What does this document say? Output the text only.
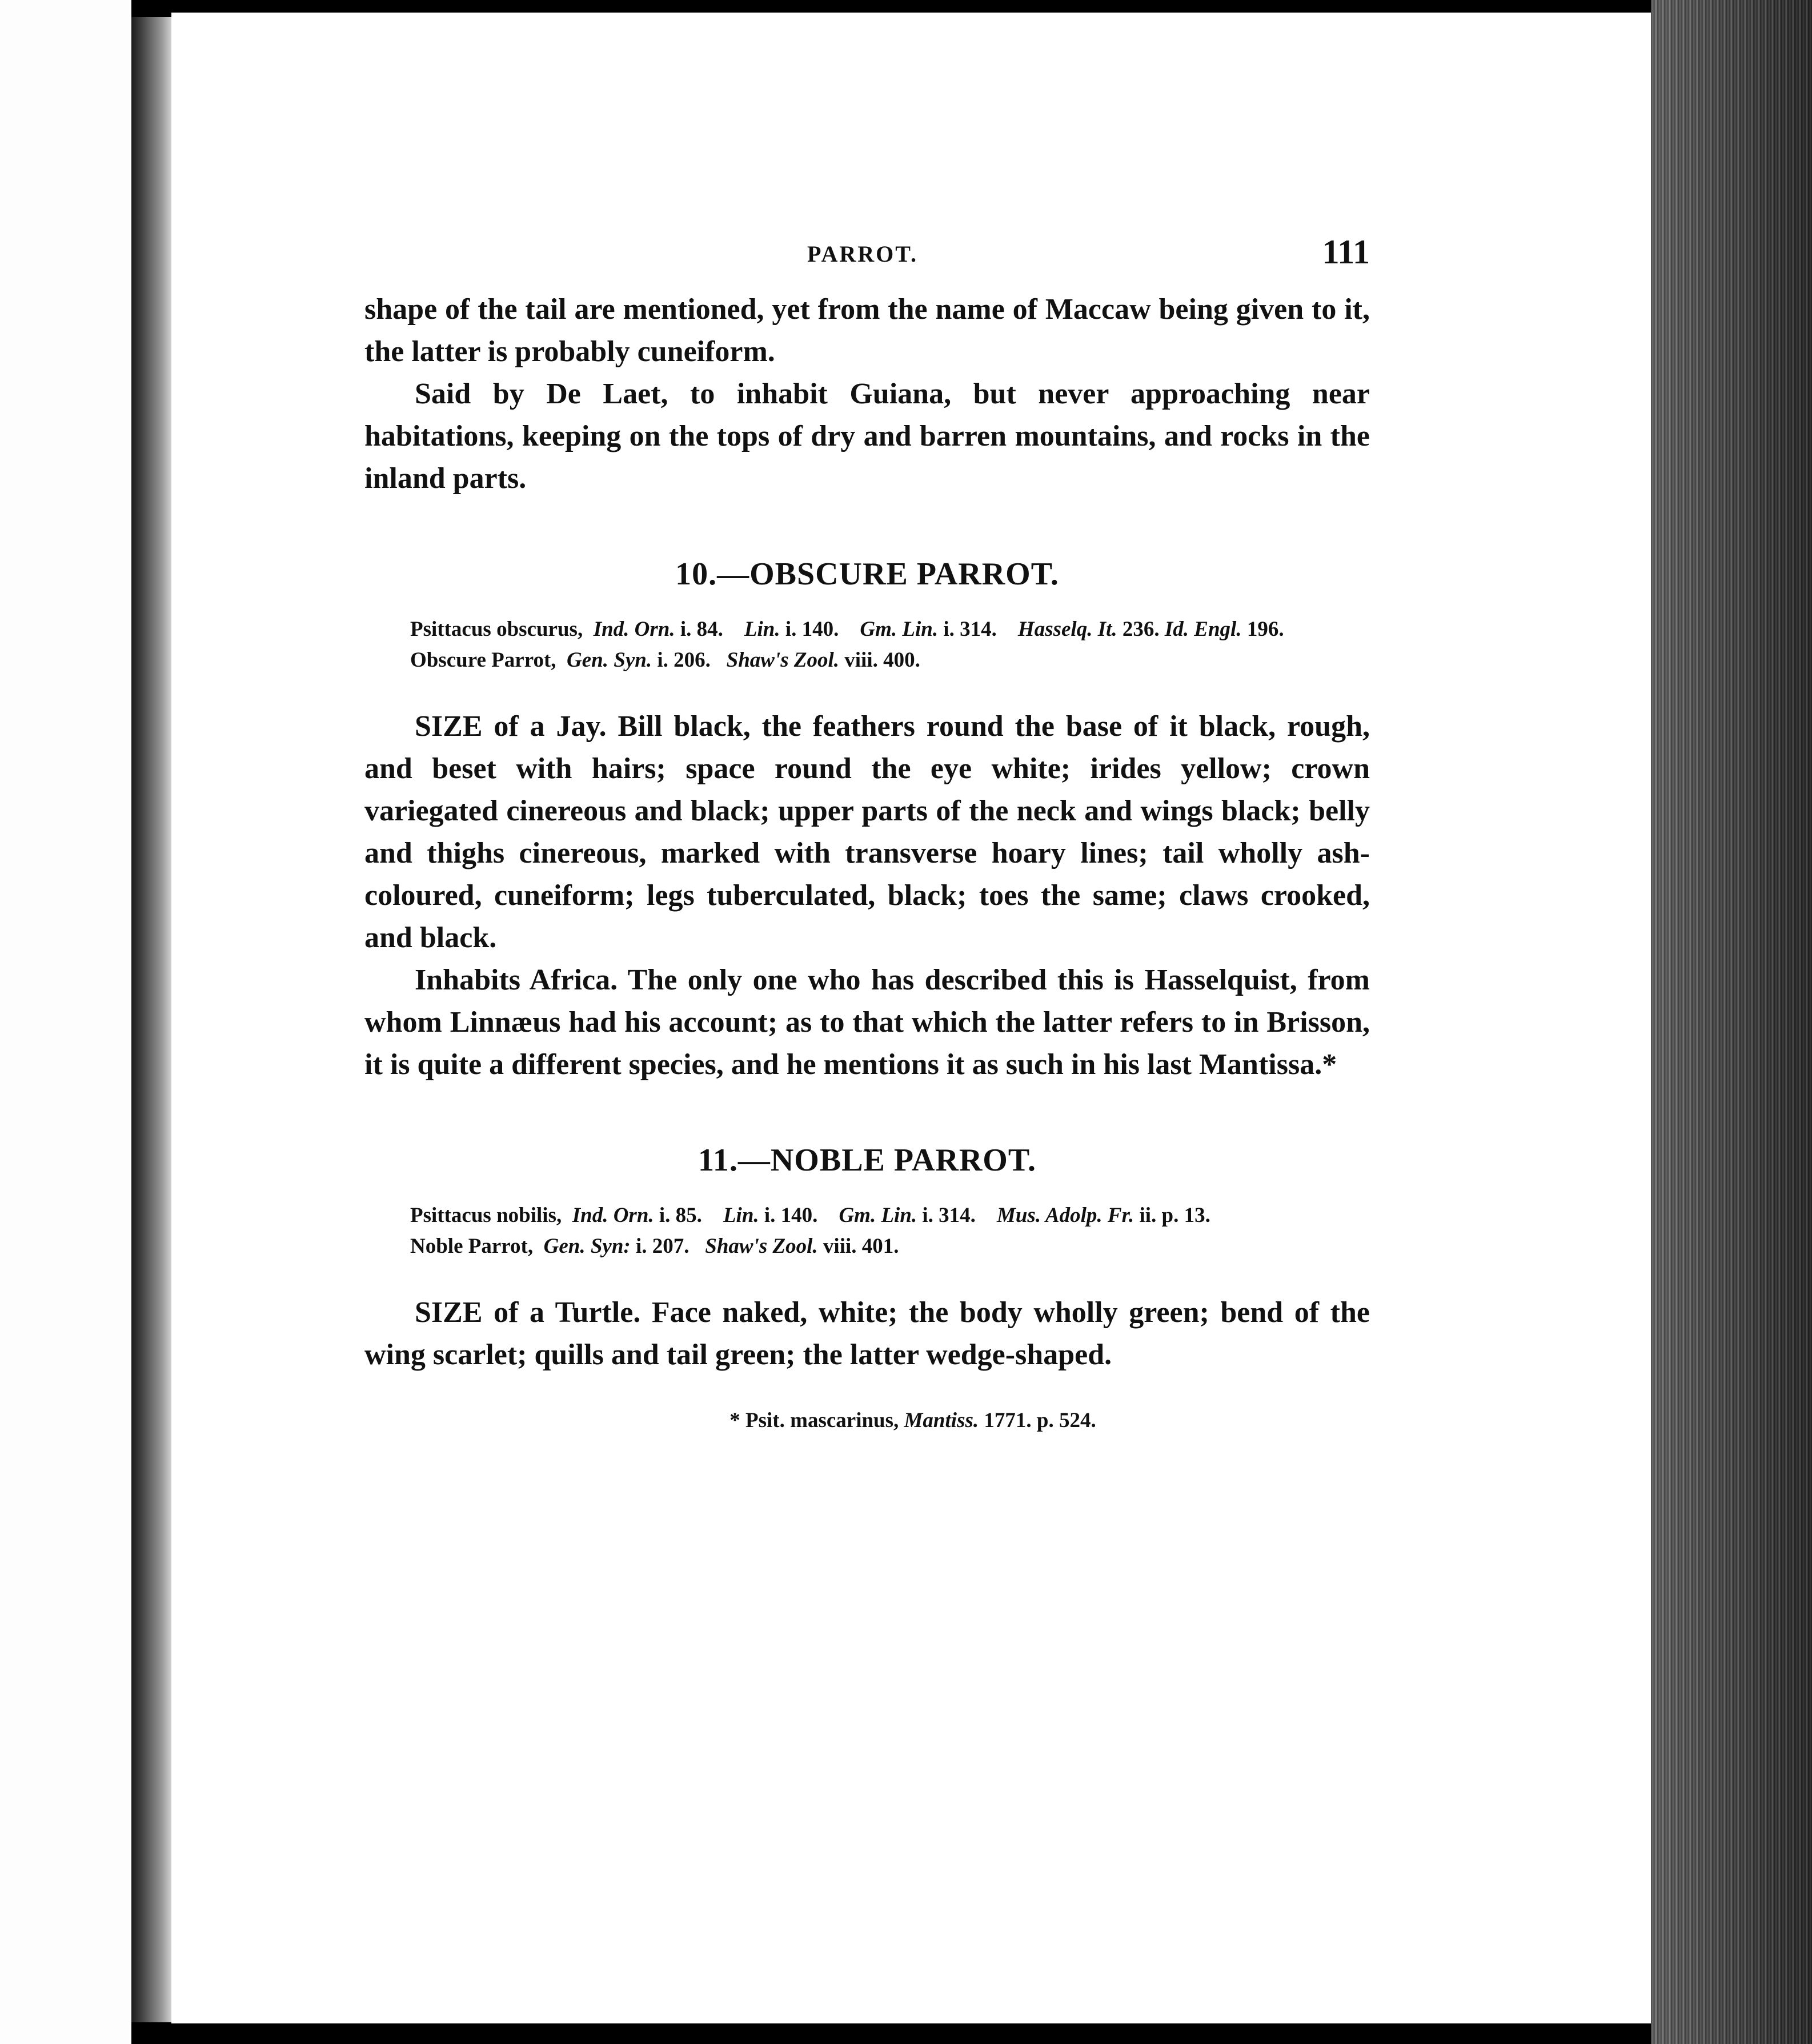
PARROT.	111

shape of the tail are mentioned, yet from the name of Maccaw being given to it, the latter is probably cuneiform.

Said by De Laet, to inhabit Guiana, but never approaching near habitations, keeping on the tops of dry and barren mountains, and rocks in the inland parts.

10.—OBSCURE PARROT.
Psittacus obscurus, Ind. Orn. i. 84. Lin. i. 140. Gm. Lin. i. 314. Hasselq. It. 236. Id. Engl. 196.
Obscure Parrot, Gen. Syn. i. 206. Shaw's Zool. viii. 400.

SIZE of a Jay. Bill black, the feathers round the base of it black, rough, and beset with hairs; space round the eye white; irides yellow; crown variegated cinereous and black; upper parts of the neck and wings black; belly and thighs cinereous, marked with transverse hoary lines; tail wholly ash-coloured, cuneiform; legs tuberculated, black; toes the same; claws crooked, and black.

Inhabits Africa. The only one who has described this is Hasselquist, from whom Linnæus had his account; as to that which the latter refers to in Brisson, it is quite a different species, and he mentions it as such in his last Mantissa.*

11.—NOBLE PARROT.
Psittacus nobilis, Ind. Orn. i. 85. Lin. i. 140. Gm. Lin. i. 314. Mus. Adolp. Fr. ii. p. 13.
Noble Parrot, Gen. Syn: i. 207. Shaw's Zool. viii. 401.

SIZE of a Turtle. Face naked, white; the body wholly green; bend of the wing scarlet; quills and tail green; the latter wedge-shaped.

* Psit. mascarinus, Mantiss. 1771. p. 524.
